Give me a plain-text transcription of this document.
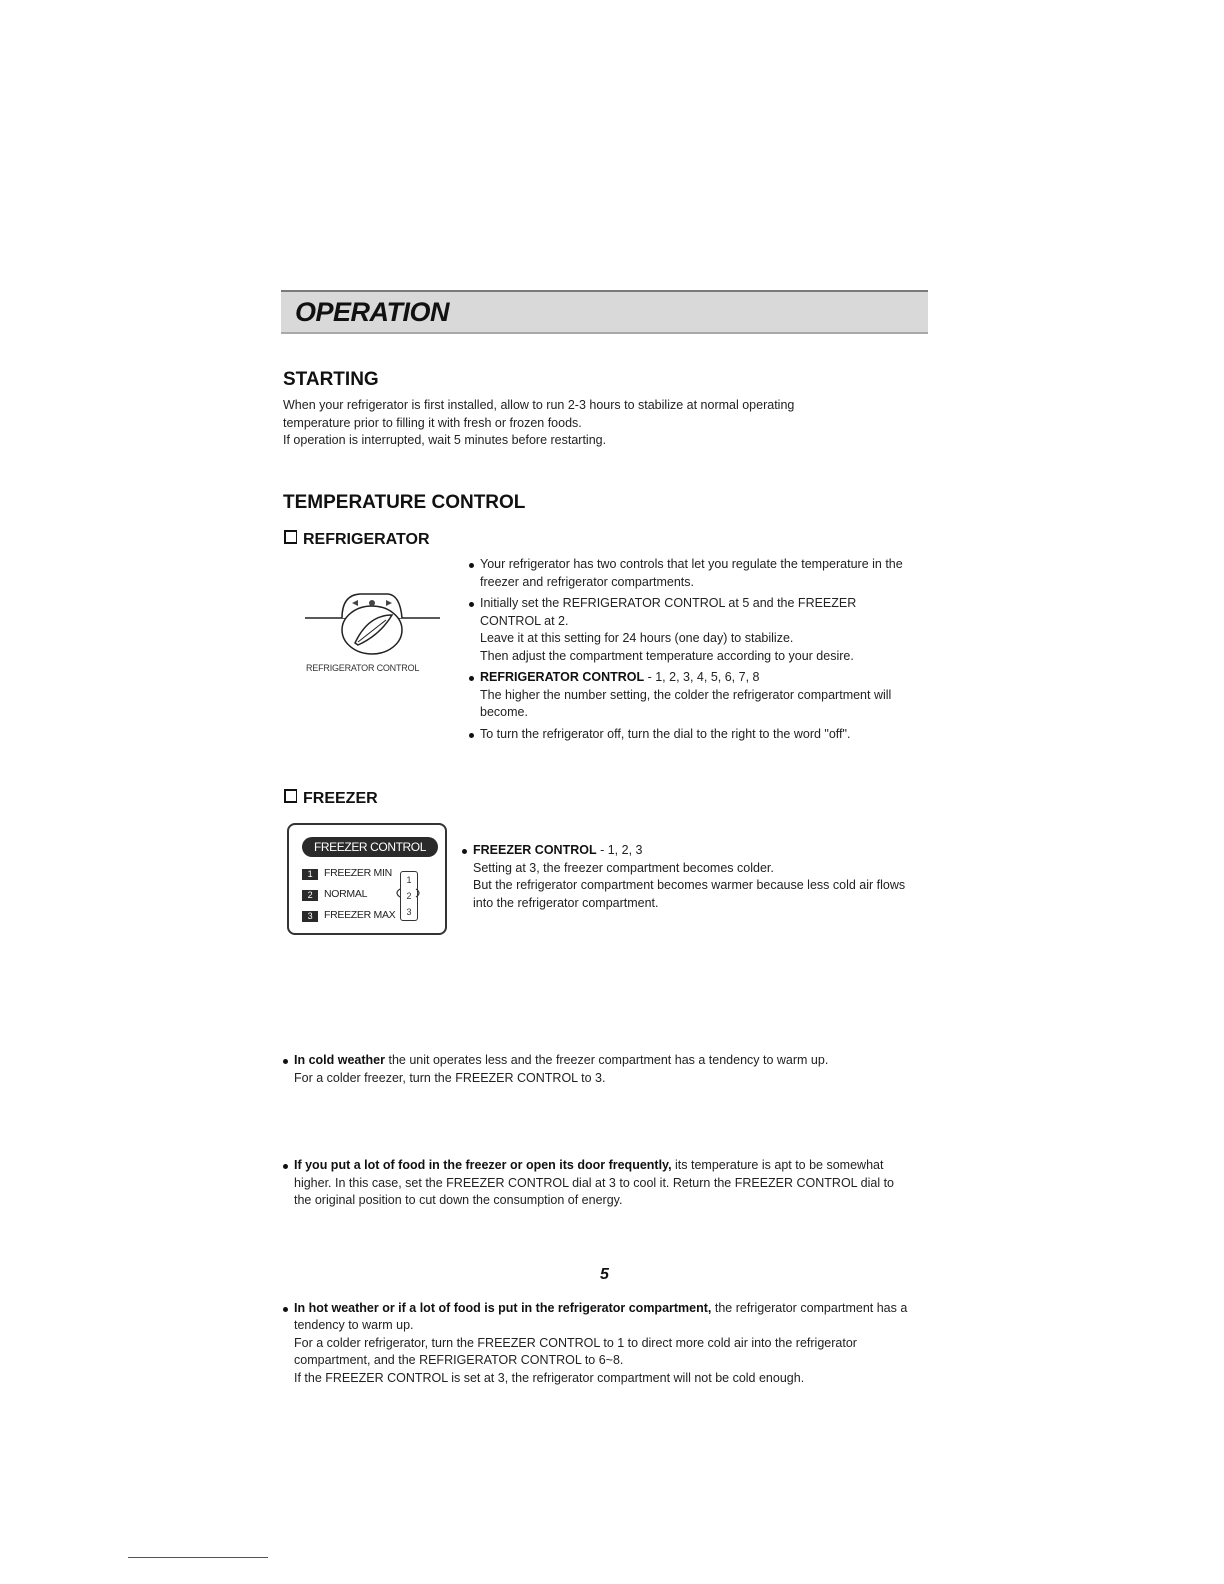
OPERATION
STARTING

When your refrigerator is first installed, allow to run 2-3 hours to stabilize at normal operating

temperature prior to filling it with fresh or frozen foods.

If operation is interrupted, wait 5 minutes before restarting.

TEMPERATURE CONTROL
REFRIGERATOR
REFRIGERATOR CONTROL

Your refrigerator has two controls that let you regulate the temperature in the

freezer and refrigerator compartments.

Initially set the REFRIGERATOR CONTROL at 5 and the FREEZER

CONTROL at 2.

Leave it at this setting for 24 hours (one day) to stabilize.

Then adjust the compartment temperature according to your desire.

REFRIGERATOR CONTROL - 1, 2, 3, 4, 5, 6, 7, 8

The higher the number setting, the colder the refrigerator compartment will

become.

To turn the refrigerator off, turn the dial to the right to the word "off".

FREEZER
FREEZER CONTROL
1 FREEZER MIN
2 NORMAL
3 FREEZER MAX
1
2
3

FREEZER CONTROL - 1, 2, 3

Setting at 3, the freezer compartment becomes colder.

But the refrigerator compartment becomes warmer because less cold air flows

into the refrigerator compartment.

In cold weather the unit operates less and the freezer compartment has a tendency to warm up.

For a colder freezer, turn the FREEZER CONTROL to 3.

If you put a lot of food in the freezer or open its door frequently, its temperature is apt to be somewhat

higher. In this case, set the FREEZER CONTROL dial at 3 to cool it. Return the FREEZER CONTROL dial to

the original position to cut down the consumption of energy.

In hot weather or if a lot of food is put in the refrigerator compartment, the refrigerator compartment has a

tendency to warm up.

For a colder refrigerator, turn the FREEZER CONTROL to 1 to direct more cold air into the refrigerator

compartment, and the REFRIGERATOR CONTROL to 6~8.

If the FREEZER CONTROL is set at 3, the refrigerator compartment will not be cold enough.

5
